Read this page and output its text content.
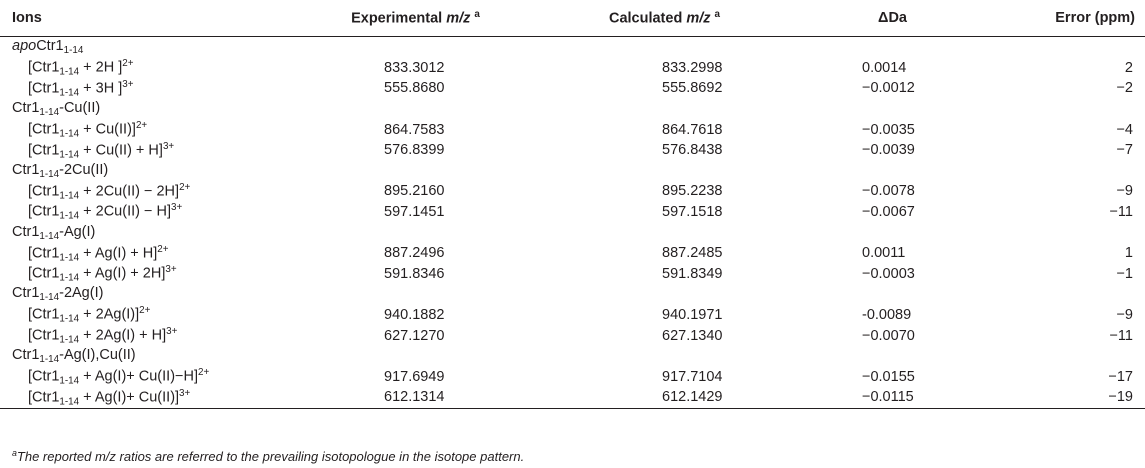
Ions	Experimental m/z $^a$	Calculated m/z $^a$	ΔDa	Error (ppm)
$apoCtr1_{1-14}$
[$Ctr1_{1-14} + 2H$ ]$^{2+}$	833.3012	833.2998	0.0014	2
[$Ctr1_{1-14} + 3H$ ]$^{3+}$	555.8680	555.8692	−0.0012	−2
$Ctr1_{1-14}-Cu(II)$				
$[Ctr1_{1-14} + Cu(II)]^{2+}$	864.7583	864.7618	−0.0035	−4
$[Ctr1_{1-14} + Cu(II) + H]^{3+}$	576.8399	576.8438	−0.0039	−7
$Ctr1_{1-14}-2Cu(II)$				
$[Ctr1_{1-14} + 2Cu(II) - 2H]^{2+}$	895.2160	895.2238	−0.0078	−9
$[Ctr1_{1-14} + 2Cu(II) - H]^{3+}$	597.1451	597.1518	−0.0067	−11
$Ctr1_{1-14}-Ag(I)$				
$[Ctr1_{1-14} + Ag(I) + H]^{2+}$	887.2496	887.2485	0.0011	1
$[Ctr1_{1-14} + Ag(I) + 2H]^{3+}$	591.8346	591.8349	−0.0003	−1
$Ctr1_{1-14}-2Ag(I)$				
$[Ctr1_{1-14} + 2Ag(I)]^{2+}$	940.1882	940.1971	-0.0089	−9
$[Ctr1_{1-14} + 2Ag(I) + H]^{3+}$	627.1270	627.1340	−0.0070	−11
$Ctr1_{1-14}-Ag(I),Cu(II)$				
$[Ctr1_{1-14} + Ag(I)+ Cu(II)-H]^{2+}$	917.6949	917.7104	−0.0155	−17
$[Ctr1_{1-14} + Ag(I)+ Cu(II)]^{3+}$	612.1314	612.1429	−0.0115	−19
$^a$The reported m/z ratios are referred to the prevailing isotopologue in the isotope pattern.
